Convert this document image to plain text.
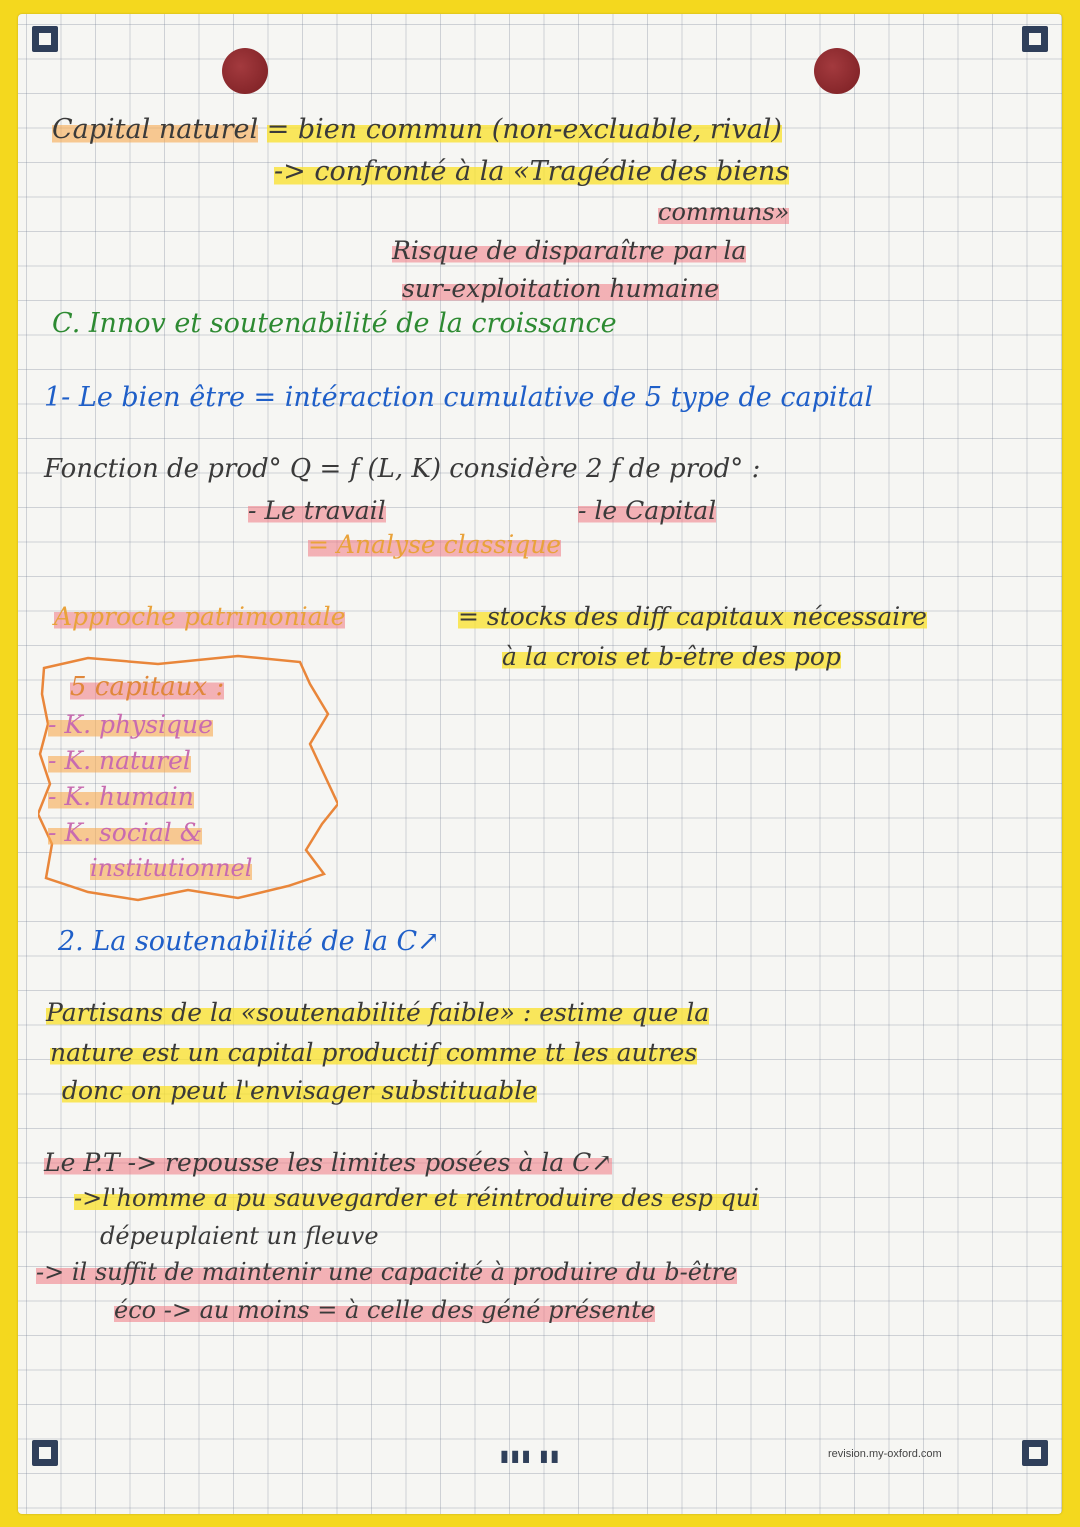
Capital naturel = bien commun (non-excluable, rival)
-> confronté à la «Tragédie des biens
communs»
Risque de disparaître par la
sur-exploitation humaine
C. Innov et soutenabilité de la croissance
1- Le bien être = intéraction cumulative de 5 type de capital
Fonction de prod° Q = f (L, K) considère 2 f de prod° :
- Le travail	- le Capital
= Analyse classique
Approche patrimoniale	= stocks des diff capitaux nécessaire
à la crois et b-être des pop
5 capitaux :
- K. physique
- K. naturel
- K. humain
- K. social &
institutionnel
2. La soutenabilité de la C↗
Partisans de la «soutenabilité faible» : estime que la
nature est un capital productif comme tt les autres
donc on peut l'envisager substituable
Le P.T -> repousse les limites posées à la C↗
->l'homme a pu sauvegarder et réintroduire des esp qui
dépeuplaient un fleuve
-> il suffit de maintenir une capacité à produire du b-être
éco -> au moins = à celle des géné présente
▮▮▮ ▮▮	revision.my-oxford.com
